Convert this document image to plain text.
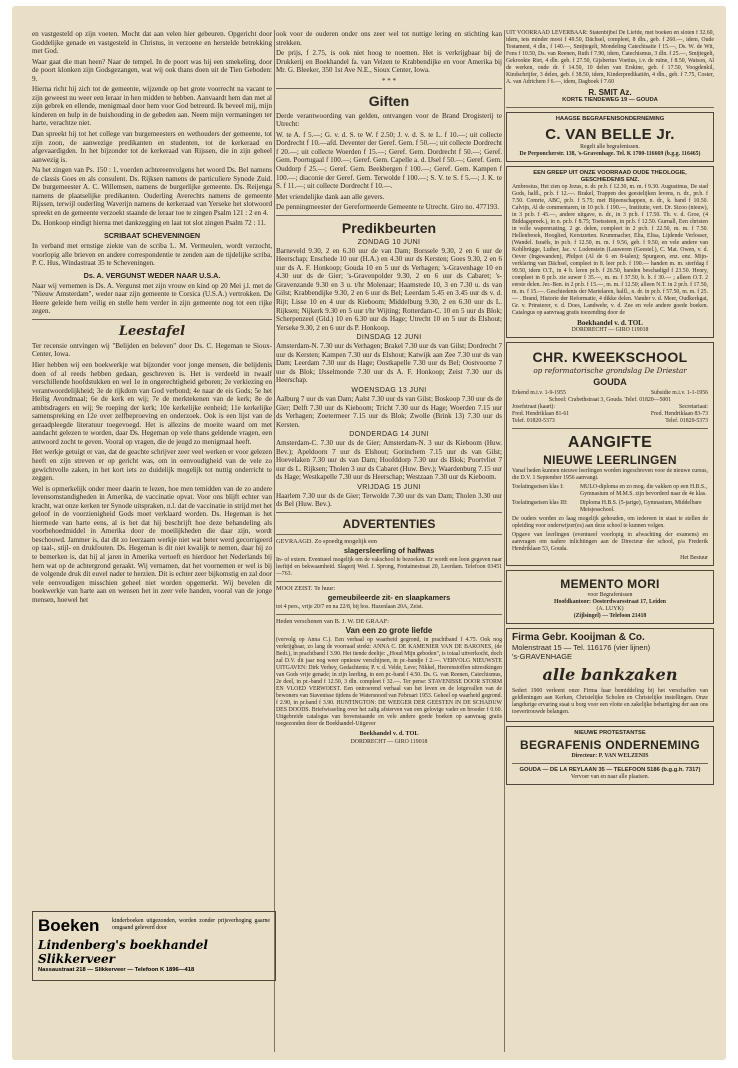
en vastgesteld op zijn voeten. Mocht dat aan velen hier gebeuren. Opgericht door Goddelijke genade en vastgesteld in Christus, in verzoene en herstelde betrekking met God.

Waar gaat die man heen? Naar de tempel. In de poort was hij een smekeling, door de poort klonken zijn Godsgezangen, wat wij ook thans doen uit de Tien Geboden: 9.

Hierna richt hij zich tot de gemeente, wijzende op het grote voorrecht na vacant te zijn geweest nu weer een leraar in hen midden te hebben. Aanvaardt hem dan met al zijn gebrek en ellende, menigmaal door hem voor God betreurd. Ik beveel mij, mijn kinderen en hulp in de huishouding in de gebeden aan. Neem mijn vermaningen ter harte, verachtze niet.

Dan spreekt hij tot het college van burgemeesters en wethouders der gemeente, tot zijn zoon, de aanwezige predikanten en studenten, tot de kerkeraad en afgevaardigden. In het bijzonder tot de kerkeraad van Rijssen, die in zijn geheel aanwezig is.

Na het zingen van Ps. 150 : 1, voerden achtereenvolgens het woord Ds. Bel namens de classis Goes en als consulent. Ds. Rijksen namens de particuliere Synode Zuid. De burgemeester A. C. Willemsen, namens de burgerlijke gemeente. Ds. Reijenga namens de plaatselijke predikanten. Ouderling Averechts namens de gemeente Rijssen, terwijl ouderling Waverijn namens de kerkeraad van Yerseke het slotwoord spreekt en de gemeente verzoekt staande de leraar toe te zingen Psalm 121 : 2 en 4.

Ds. Honkoop eindigt hierna met dankzegging en laat tot slot zingen Psalm 72 : 11.

SCRIBAAT SCHEVENINGEN

In verband met ernstige ziekte van de scriba L. M. Vermeulen, wordt verzocht, voorlopig alle brieven en andere correspondentie te zenden aan de tijdelijke scriba, P. C. Hus, Windastraat 35 te Scheveningen.

Ds. A. VERGUNST WEDER NAAR U.S.A.

Naar wij vernemen is Ds. A. Vergunst met zijn vrouw en kind op 20 Mei j.l. met de "Nieuw Amsterdam", weder naar zijn gemeente te Corsica (U.S.A.) vertrokken. De Heere geleide hem veilig en stelle hem verder in zijn gemeente nog tot een rijke zegen.

Leestafel

Ter recensie ontvingen wij "Belijden en beleven" door Ds. C. Hegeman te Sioux-Center, Iowa.

Hier hebben wij een boekwerkje wat bijzonder voor jonge mensen, die belijdenis doen of al reeds hebben gedaan, geschreven is. Het is verdeeld in twaalf verschillende hoofdstukken en wel 1e in ongerechtigheid geboren; 2e verkiezing en verantwoordelijkheid; 3e de rijkdom van God verbond; 4e naar de eis Gods; 5e het Heilig Avondmaal; 6e de kerk en wij; 7e de merktekenen van de kerk; 8e de ambtsdragers en wij; 9e roeping der kerk; 10e kerkelijke eenheid; 11e kerkelijke samenspreking en 12e over zelfbeproeving en onderzoek. Ook is een lijst van de geraadpleegde literatuur toegevoegd. Het is allezins de moeite waard om met aandacht gelezen te worden, daar Ds. Hegeman op vele thans geldende vragen, een antwoord zocht te geven. Vooral op vragen, die de jeugd zo menigmaal heeft.

Het werkje getuigt er van, dat de geachte schrijver zeer veel werken er voor gelezen heeft en zijn streven er op gericht was, om in eenvoudigheid van de vele zo gewichtvolle zaken, in het kort iets zo duidelijk mogelijk tot nuttig onderricht te zeggen.

Wel is opmerkelijk onder meer daarin te lezen, hoe men temidden van de zo andere levensomstandigheden in Amerika, de vaccinatie opvat. Voor ons blijft echter van kracht, wat onze kerken ter Synode uitspraken, n.l. dat de vaccinatie in strijd met het geloof in de voorzienigheid Gods moet verklaard worden. Ds. Hegeman is het hiermede van harte eens, al is het dat hij beschrijft hoe deze behandeling als voorbehoedmiddel in Amerika door de moeilijkheden die daar zijn, wordt beschouwd. Jammer is, dat dit zo leerzaam werkje niet wat beter werd gecorrigeerd op taal-, stijl- en drukfouten. Ds. Hegeman is dit niet kwalijk te nemen, daar hij zo te bemerken is, dat hij al jaren in Amerika vertoeft en hierdoor het Nederlands bij hem wat op de achtergrond geraakt. Wij vernamen, dat het voornemen er wel is bij de volgende druk dit euvel nader te herzien. Dit is echter zeer bijkomstig en zal door vele eenvoudigen misschien geheel niet worden opgemerkt. Wij bevelen dit boekwerkje van harte aan en wensen het in zeer vele handen, vooral van de jonge mensen, hoewel het

Boeken	kinderboeken uitgezonden, worden zonder prijsverhoging gaarne omgaand geleverd door
Lindenberg's boekhandel Slikkerveer
Nassaustraat 218 — Slikkerveer — Telefoon K 1896—418

ook voor de ouderen onder ons zeer wel tot nuttige lering en stichting kan strekken.

De prijs, f 2.75, is ook niet hoog te noemen. Het is verkrijgbaar bij de Drukkerij en Boekhandel fa. van Velzen te Krabbendijke en voor Amerika bij Mr. G. Bleeker, 350 1st Ave N.E., Sioux Center, Iowa.

* * *
Giften

Derde verantwoording van gelden, ontvangen voor de Brand Drogisterij te Utrecht:

W. te A. f 5.—; G. v. d. S. te W. f 2.50; J. v. d. S. te L. f 10.—; uit collecte Dordrecht f 10.—afd. Deventer der Geref. Gem. f 50.—; uit collecte Dordrecht f 20.—; uit collecte Woerden f 15.—; Geref. Gem. Dordrecht f 50.—; Geref. Gem. Poortugaal f 100.—; Geref. Gem. Capelle a. d. IJsel f 50.—; Geref. Gem. Ouddorp f 25.—; Geref. Gem. Beekbergen f 100.—; Geref. Gem. Kampen f 100.—; diaconie der Geref. Gem. Terwolde f 100.—; S. V. te S. f 5.—; J. K. te S. f 11.—; uit collecte Dordrecht f 10.—.

Met vriendelijke dank aan alle gevers.

De penningmeester der Gereformeerde Gemeente te Utrecht. Giro no. 477193.

Predikbeurten
ZONDAG 10 JUNI

Barneveld 9.30, 2 en 6.30 uur de van Dam; Borssele 9.30, 2 en 6 uur de Heerschap; Enschede 10 uur (H.A.) en 4.30 uur ds Kersten; Goes 9.30, 2 en 6 uur ds A. F. Honkoop; Gouda 10 en 5 uur ds Verhagen; 's-Gravenhage 10 en 4.30 uur ds de Gier; 's-Gravenpolder 9.30, 2 en 6 uur ds Cabaret; 's-Gravenzande 9.30 en 3 u. t/hr Molenaar; Haamstede 10, 3 en 7.30 u. ds van Gilst; Krabbendijke 9.30, 2 en 6 uur ds Bel; Leerdam 5.45 en 3.45 uur ds v. d. Rijt; Lisse 10 en 4 uur ds Kieboom; Middelburg 9.30, 2 en 6.30 uur ds L. Rijksen; Nijkerk 9.30 en 5 uur t/hr Wijting; Rotterdam-C. 10 en 5 uur ds Blok; Scherpenzeel (Gld.) 10 en 6.30 uur ds Hage; Utrecht 10 en 5 uur ds Elshout; Yerseke 9.30, 2 en 6 uur ds P. Honkoop.

DINSDAG 12 JUNI

Amsterdam-N. 7.30 uur ds Verhagen; Brakel 7.30 uur ds van Gilst; Dordrecht 7 uur ds Kersten; Kampen 7.30 uur ds Elshout; Katwijk aan Zee 7.30 uur ds van Dam; Leerdam 7.30 uur ds Hage; Oostkapelle 7.30 uur ds Bel; Oostvoorne 7 uur ds Blok; IJsselmonde 7.30 uur ds A. F. Honkoop; Zeist 7.30 uur ds Heerschap.

WOENSDAG 13 JUNI

Aalburg 7 uur ds van Dam; Aalst 7.30 uur ds van Gilst; Boskoop 7.30 uur ds de Gier; Delft 7.30 uur ds Kieboom; Tricht 7.30 uur ds Hage; Woerden 7.15 uur ds Verhagen; Zoetermeer 7.15 uur ds Blok; Zwolle (Brink 13) 7.30 uur ds Kersten.

DONDERDAG 14 JUNI

Amsterdam-C. 7.30 uur ds de Gier; Amsterdam-N. 3 uur ds Kieboom (Huw. Bev.); Apeldoorn 7 uur ds Elshout; Gorinchem 7.15 uur ds van Gilst; Hoevelaken 7.30 uur ds van Dam; Hoofddorp 7.30 uur ds Blok; Poortvliet 7 uur ds L. Rijksen; Tholen 3 uur ds Cabaret (Huw. Bev.); Waardenburg 7.15 uur ds Hage; Westkapelle 7.30 uur ds Heerschap; Westzaan 7.30 uur ds Kieboom.

VRIJDAG 15 JUNI

Haarlem 7.30 uur ds de Gier; Terwolde 7.30 uur ds van Dam; Tholen 3.30 uur ds Bel (Huw. Bev.).

ADVERTENTIES
GEVRAAGD. Zo spoedig mogelijk een
slagersleerling of halfwas
In- of extern. Eventueel mogelijk om de vakschool te bezoeken. Er wordt een loon gegeven naar leeftijd en bekwaamheid. Slagerij Wed. J. Sprong, Fontainestraat 20, Leerdam. Telefoon 03451—763.
MOOI ZEIST. Te huur:
gemeubileerde zit- en slaapkamers
tot 4 pers., vrije 20/7 en na 22/8, bij bos. Hazenlaan 20A, Zeist.
Heden verschenen van B. J. W. DE GRAAF:
Van een zo grote liefde
(vervolg op Anna C.). Een verhaal op waarheid gegrond, in prachtband f 4.75. Ook nog verkrijgbaar, zo lang de voorraad strekt: ANNA C. DE KAMENIER VAN DE BARONES, (de Bedi.), in prachtband f 3.90. Het tiende deeltje: ,,Houd Mijn geboden", is totaal uitverkocht, doch zal D.V. dit jaar nog weer opnieuw verschijnen, in pr.-bandje f 2.—. VERVOLG NIEUWSTE UITGAVEN: Dirk Verhey, Gedachtenis; P. v. d. Velde, Leve; Nikkel, Heerenstoffen uitrestkingen van Gods vrije genade; in zijn leerling, in een pr.-band f 4.50. Ds. G. van Reenen, Catechismus, 2e deel, in pr.-band f 12.50, 3 dln. compleet f 32.—. Ter perse: STAVENISSE DOOR STORM EN VLOED VERWOEST. Een ontroerend verhaal van het leven en de lotgevallen van de bewoners van Stavenisse tijdens de Watersnood van Februari 1953. Geheel op waarheid gegrond. f 2.90, in pr.band f 3.90. HUNTINGTON: DE WEEGER DER GEESTEN IN DE SCHADUW DES DOODS. Briefwisseling over het zalig afsterven van een gelovige vader en broeder f 0.60. Uitgebreide catalogus van bovenstaande en vele andere goede boeken op aanvraag gratis toegezonden door de Boekhandel-Uitgever
Boekhandel v. d. TOL
DORDRECHT — GIRO 119018
UIT VOORRAAD LEVERBAAR: Statenbijbel De Liefde, met boeken en sloten f 32.60, idem, iets minder mooi f 49.50, Dächsel, compleet, 8 dln., geb. f 260.—, idem, Oude Testament, 4 dln., f 140.—, Smijtegelt, Mondeling Catechisatie f 15.—, Ds. W. de Wit, Fens f 10.50, Ds. van Reenen, Ruth f 7.90, idem, Catechismus, 3 dln. f 25.—, Smijtegelt, Gekrookte Riet, 4 dln. geb. f 27.50, Gijsbertus Voetius, i.v. de ruïne, f 8.50, Watson, Al de werken, oude dr. f 14.50, 10 delen van Erskine, geb. f 17.50, Voogdenkil, Kindschrijfer, 3 delen, geb. f 38.50, idem, Kinderpredikatiën, 4 dln., geb. f 7.75, Coster, A. van Adrichem f 6.—, idem, Dagboek f 7.60
R. SMIT Az.
KORTE TIENDEWEG 19 — GOUDA
HAAGSE BEGRAFENISONDERNEMING
C. VAN BELLE Jr.
Regelt alle begrafenissen.
De Perponcherstr. 138, 's-Gravenhage. Tel. K 1700-116669 (b.g.g. 116465)
EEN GREEP UIT ONZE VOORRAAD OUDE THEOLOGIE, GESCHIEDENIS ENZ.
Ambrosius, Het zien op Jezus, n. dr. pr.b. f 12.30, m. m. f 9.30. Augustinus, De stad Gods, halfl., pr.b. f 12.—. Brakel, Trappen des geestelijken levens, n. dr., pr.b. f 7.50. Comrie, ABC, pr.b. f 5.75; met Bijeenschappen, n. dr., k. band f 10.50. Calvijn, Al de commentaren, in 10 pr.b. f 190.—, Institutie, vert. Dr. Sizoo (nieuw), in 3 pr.b. f 45.—, andere uitgave, n. dr., in 3 pr.b. f 17.50. Th. v. d. Groe, (4 Biddagspreek.), in n. pr.b. f 8.75; Toetssteen, in pr.b. f 12.50. Gurnall, Een christen in volle wapenrusting, 2 gr. delen, compleet in 2 pr.b. f 22.50, m. m. f 7.50. Hellenbroek, Hooglied, Kerstzetten. Krummacher, Elia, Elisa, Lijdende Verlosser, (Wandel. Israëls, in pr.b. f 12.50, m. m. f 9.56, geb. f 9.50, en vele andere van Kohlbrügge, Luther, Jac. v. Lodenstein (Lauweren (Geestel.), C. Mat. Owen, v. d. Oever (Ingewanden), Philpot (Al de 6 en 8-talen); Spurgeon, enz. enz. Mijn-verklaring van Dächsel, compleet in 8. leer pr.b. f 190.— handen m. m. sterfdag f 99.50, idem O.T., in 4 b. leren pr.b. f 26.50, banden beschadigd f 23.50. Henry, compleet in 8 pr.b. zie suwer f 35.—, m. m. f 37.50, b. b. f 30.— ; alleen O.T. 2 eerste delen. Jer.-Ben. in 2 pr.b. f 15.—, m. m. f 12.50; alleen N.T. in 2 pr.b. f 17.50, m. m. f 15.—. Geschiedenis der Martelaren, halfl., n. dr. in pr.b. f 57.50, m. m. f 25.— . Brand, Historie der Reformatie, 4 dikke delen. Vander v. d. Meer, Oudkerkgat, Gr. v. Prinsterer, v. d. Does, Landwehr, v. d. Zee en vele andere goede boeken. Catalogus op aanvraag gratis toezending door de
Boekhandel v. d. TOL
DORDRECHT — GIRO 119018
CHR. KWEEKSCHOOL
op reformatorische grondslag De Driestar
GOUDA
Erkend m.i.v. 1-9-1955	Subsidie m.i.v. 1-1-1956
School: Crabethstraat 3, Gouda. Telef. 01820—5001
Josefstraat (kaart):	Secretariaat:
Fred. Hendriklaan 81-61	Fred. Hendriklaan 83-73
Telef. 01820-5373	Telef. 01820-5373
AANGIFTE
NIEUWE LEERLINGEN
Vanaf heden kunnen nieuwe leerlingen worden ingeschreven voor de nieuwe cursus, die D.V. 1 September 1956 aanvangt.
Toelatingseisen klas I:	MULO-diploma en zo mog. die vakken op een H.B.S., Gymnasium of M.M.S. zijn bevorderd naar de 4e klas.
Toelatingseisen klas III:	Diploma H.B.S. (5-jarige), Gymnasium, Middelbare Meisjesschool.
De ouders worden zo laag mogelijk gehouden, om iedereen in staat te stellen de opleiding voor onderwijzer(es) aan deze school te kunnen volgen.
Opgave van leerlingen (eventueel voorlopig in afwachting der examens) en aanvragen om nadere inlichtingen aan de Directeur der school, p/a Frederik Hendriklaan 53, Gouda.
Het Bestuur
MEMENTO MORI
voor Begrafenissen
Hoofdkantoor: Oosterdwarsstraat 17, Leiden
(A. LUYK)
(Zijlsingel) — Telefoon 21418
Firma Gebr. Kooijman & Co.
Molenstraat 15 — Tel. 116176 (vier lijnen)
's-GRAVENHAGE
alle bankzaken
Sedert 1900 verleent onze Firma haar bemiddeling bij het verschaffen van geldleningen aan Kerken, Christelijke Scholen en Christelijke instellingen. Onze langdurige ervaring staat u borg voor een vlotte en zakelijke behartiging der aan ons toevertrouwde belangen.
NIEUWE PROTESTANTSE
BEGRAFENIS ONDERNEMING
Directeur: P. VAN WELZENIS
GOUDA — DE LA REYLAAN 35 — TELEFOON 5186 (b.g.g.h. 7317)
Vervoer van en naar alle plaatsen.
